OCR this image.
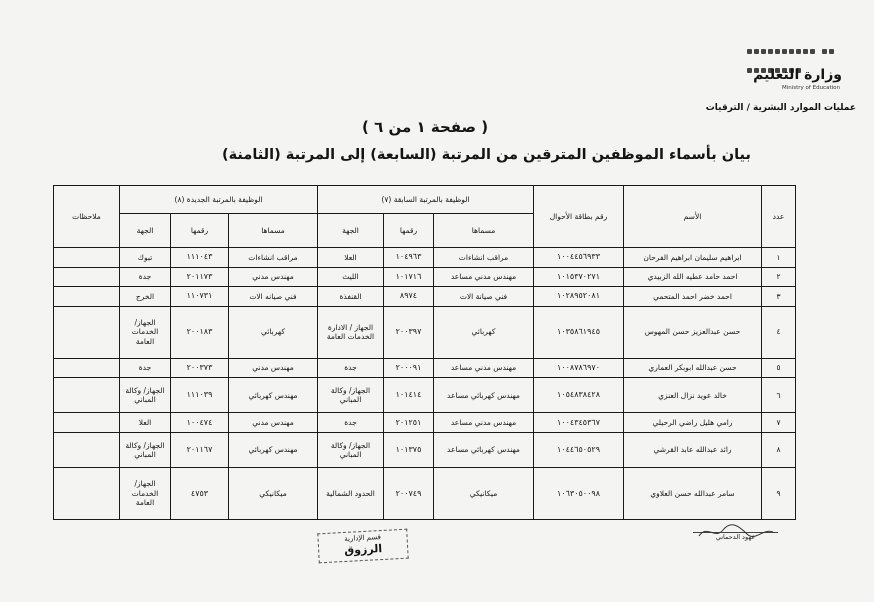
وزارة التعليم
Ministry of Education
عمليات الموارد البشرية / الترقيات
( صفحة ١ من ٦ )
بيان بأسماء الموظفين المترقين من المرتبة (السابعة) إلى المرتبة (الثامنة)
عدد	الأسم	رقم بطاقة الأحوال	الوظيفة بالمرتبة السابقة (٧)			الوظيفة بالمرتبة الجديدة (٨)			ملاحظات
			مسماها	رقمها	الجهة	مسماها	رقمها	الجهة	
١	ابراهيم سليمان ابراهيم الفرحان	١٠٠٤٤٥٦٩٣٣	مراقب انشاءات	١٠٤٩٦٣	العلا	مراقب انشاءات	١١١٠٤٣	تبوك	
٢	احمد حامد عطيه الله الزبيدي	١٠١٥٣٧٠٢٧١	مهندس مدني مساعد	١٠١٧١٦	الليث	مهندس مدني	٢٠١١٧٣	جدة	
٣	احمد خضر احمد المتحمي	١٠٢٨٩٥٢٠٨١	فني صيانة الات	٨٩٧٤	القنفذة	فني صيانه الات	١١٠٧٣١	الخرج	
٤	حسن عبدالعزيز حسن المهوس	١٠٣٥٨٦١٩٤٥	كهربائي	٢٠٠٣٩٧	الجهاز / الادارة الخدمات العامة	كهربائي	٢٠٠١٨٣	الجهاز/الخدمات العامة	
٥	حسن عبدالله ابوبكر العماري	١٠٠٨٧٨٦٩٧٠	مهندس مدني مساعد	٢٠٠٠٩١	جدة	مهندس مدني	٢٠٠٣٧٣	جدة	
٦	خالد عويد نزال العنزي	١٠٥٤٨٣٨٤٢٨	مهندس كهربائي مساعد	١٠١٤١٤	الجهاز/ وكالة المباني	مهندس كهربائي	١١١٠٣٩	الجهاز/ وكالة المباني	
٧	رامي هليل راضي الرحيلي	١٠٠٤٣٤٥٣٦٧	مهندس مدني مساعد	٢٠١٢٥١	جدة	مهندس مدني	١٠٠٤٧٤	العلا	
٨	رائد عبدالله عابد القرشي	١٠٤٤٦٥٠٥٢٩	مهندس كهربائي مساعد	١٠١٣٧٥	الجهاز/ وكالة المباني	مهندس كهربائي	٢٠١١٦٧	الجهاز/ وكالة المباني	
٩	سامر عبدالله حسن العلاوي	١٠٦٣٠٥٠٠٩٨	ميكانيكي	٢٠٠٧٤٩	الحدود الشمالية	ميكانيكي	٤٧٥٣	الجهاز/الخدمات العامة	
عهود الدحماني
قسم الإدارية
الرزوق
